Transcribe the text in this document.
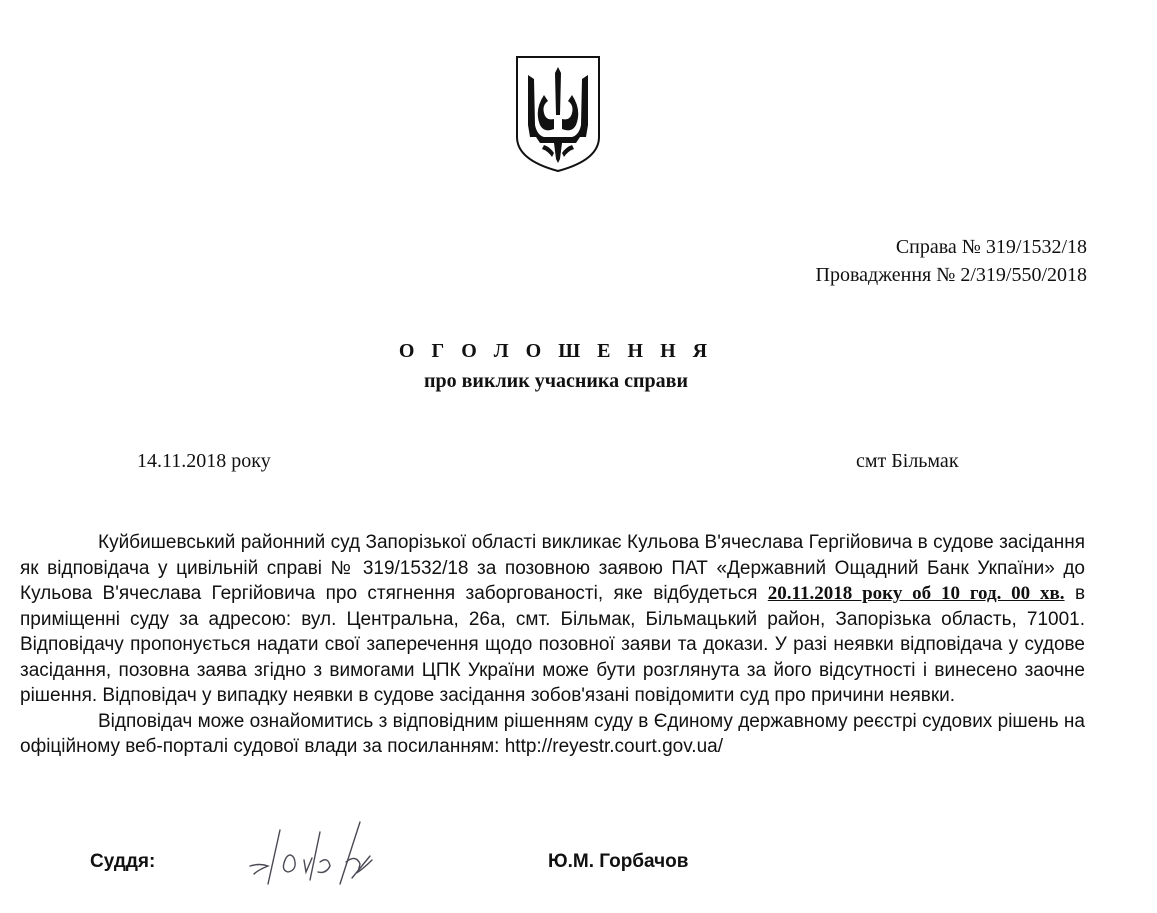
Справа № 319/1532/18
Провадження № 2/319/550/2018
О Г О Л О Ш Е Н Н Я
про виклик учасника справи
14.11.2018 року	смт Більмак

Куйбишевський районний суд Запорізької області викликає Кульова В'ячеслава Гергійовича в судове засідання як відповідача у цивільній справі № 319/1532/18 за позовною заявою ПАТ «Державний Ощадний Банк Укпаїни» до Кульова В'ячеслава Гергійовича про стягнення заборгованості, яке відбудеться 20.11.2018 року об 10 год. 00 хв. в приміщенні суду за адресою: вул. Центральна, 26а, смт. Більмак, Більмацький район, Запорізька область, 71001. Відповідачу пропонується надати свої заперечення щодо позовної заяви та докази. У разі неявки відповідача у судове засідання, позовна заява згідно з вимогами ЦПК України може бути розглянута за його відсутності і винесено заочне рішення. Відповідач у випадку неявки в судове засідання зобов'язані повідомити суд про причини неявки.

Відповідач може ознайомитись з відповідним рішенням суду в Єдиному державному реєстрі судових рішень на офіційному веб-порталі судової влади за посиланням: http://reyestr.court.gov.ua/

Суддя:	Ю.М. Горбачов
